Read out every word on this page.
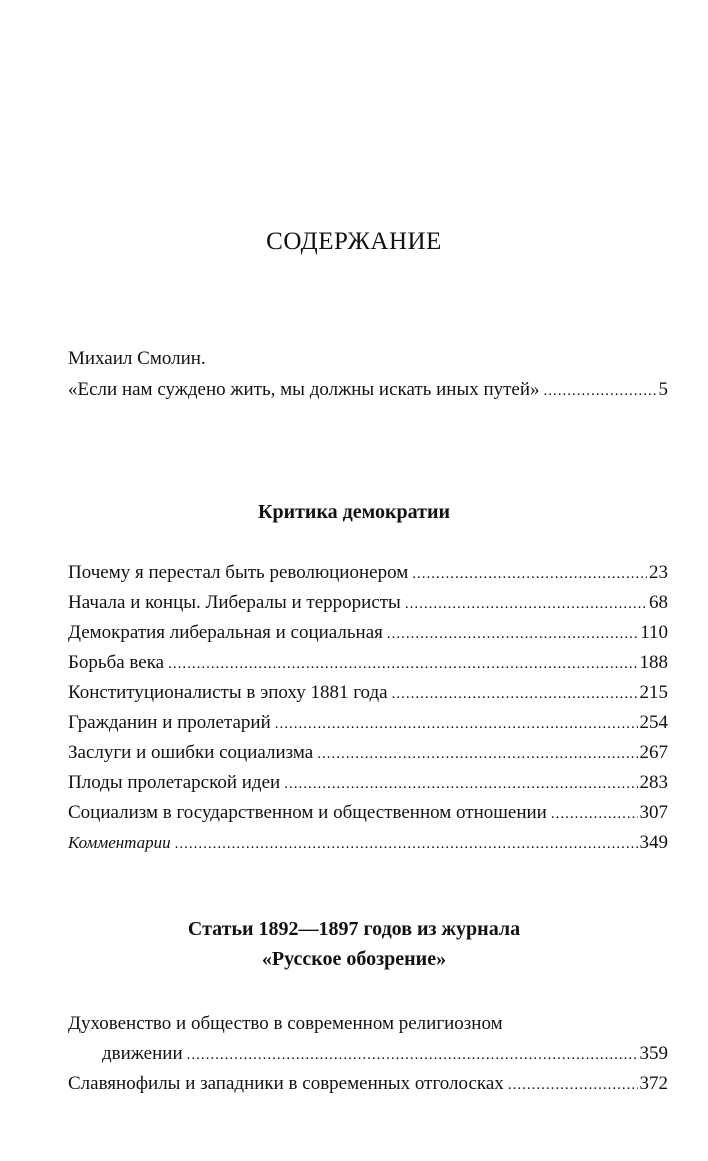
СОДЕРЖАНИЕ
Михаил Смолин.
«Если нам суждено жить, мы должны искать иных путей» .....	5
Критика демократии
Почему я перестал быть революционером .....	23
Начала и концы. Либералы и террористы .....	68
Демократия либеральная и социальная .....	110
Борьба века .....	188
Конституционалисты в эпоху 1881 года .....	215
Гражданин и пролетарий .....	254
Заслуги и ошибки социализма .....	267
Плоды пролетарской идеи .....	283
Социализм в государственном и общественном отношении .....	307
Комментарии .....	349
Статьи 1892—1897 годов из журнала
«Русское обозрение»
Духовенство и общество в современном религиозном
движении .....	359
Славянофилы и западники в современных отголосках .....	372
